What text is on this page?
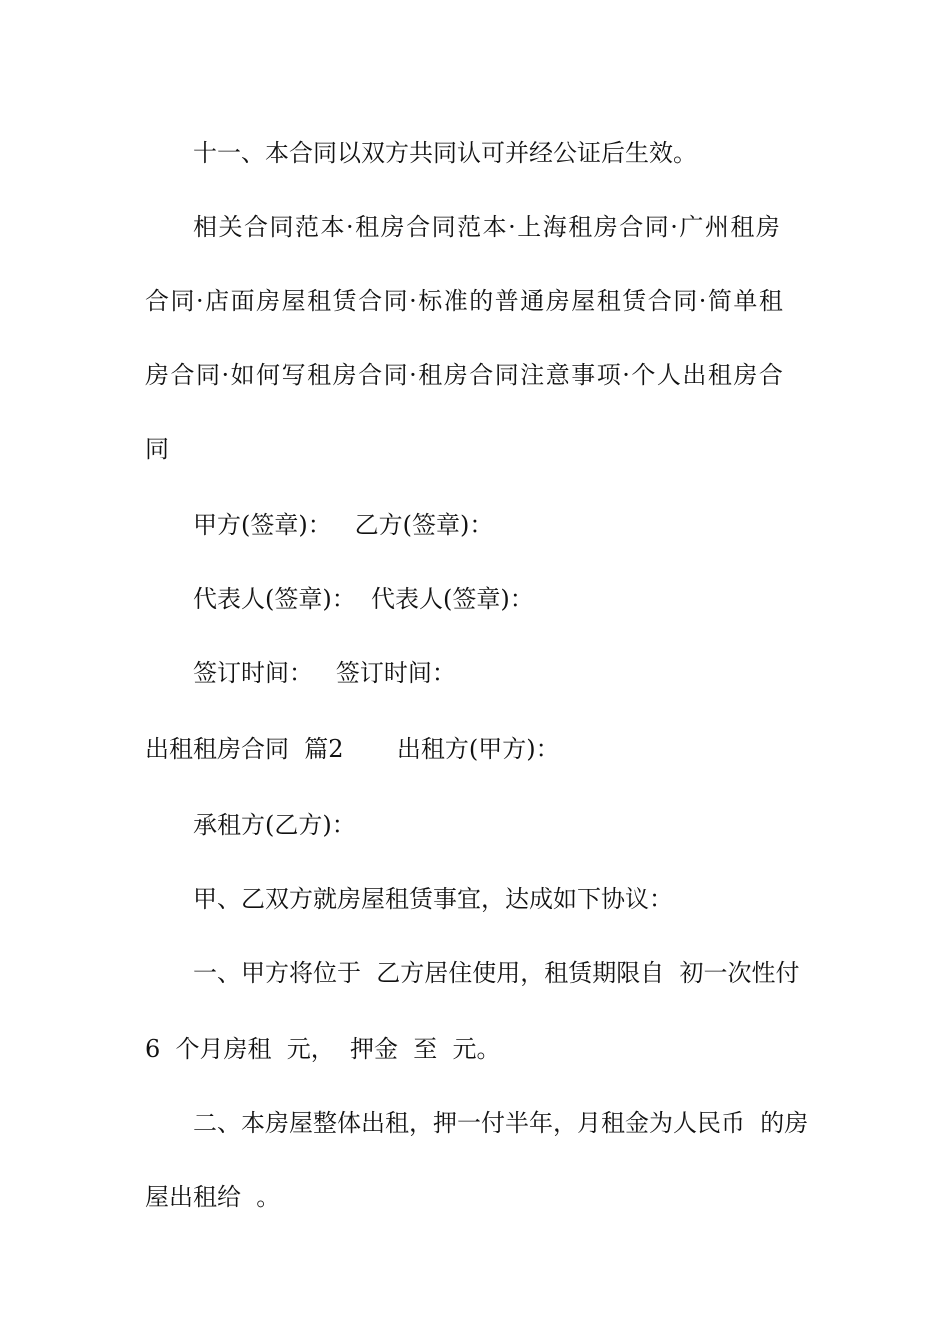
十一、本合同以双方共同认可并经公证后生效。
相关合同范本·租房合同范本·上海租房合同·广州租房
合同·店面房屋租赁合同·标准的普通房屋租赁合同·简单租
房合同·如何写租房合同·租房合同注意事项·个人出租房合
同
甲方(签章)：   乙方(签章)：
代表人(签章)：  代表人(签章)：
签订时间：   签订时间：
出租租房合同  篇2       出租方(甲方)：
承租方(乙方)：
甲、乙双方就房屋租赁事宜，达成如下协议：
一、甲方将位于  乙方居住使用，租赁期限自  初一次性付
6  个月房租  元，  押金  至  元。
二、本房屋整体出租，押一付半年，月租金为人民币  的房
屋出租给  。
